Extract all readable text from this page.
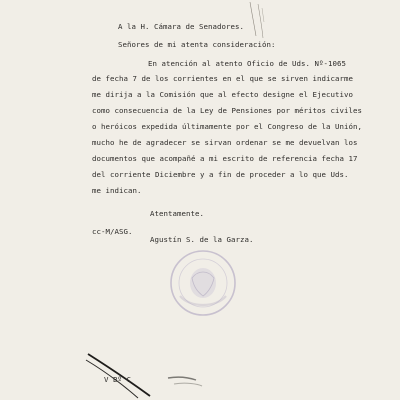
A la H. Cámara de Senadores.
Señores de mi atenta consideración:
En atención al atento Oficio de Uds. Nº-1065
de fecha 7 de los corrientes en el que se sirven indicarme
me dirija a la Comisión que al efecto designe el Ejecutivo
como consecuencia de la Ley de Pensiones por méritos civiles
o heróicos expedida últimamente por el Congreso de la Unión,
mucho he de agradecer se sirvan ordenar se me devuelvan los
documentos que acompañé a mi escrito de referencia fecha 17
del corriente Diciembre y a fin de proceder a lo que Uds.
me indican.
Atentamente.
cc-M/ASG.
Agustín S. de la Garza.
V Bº C
